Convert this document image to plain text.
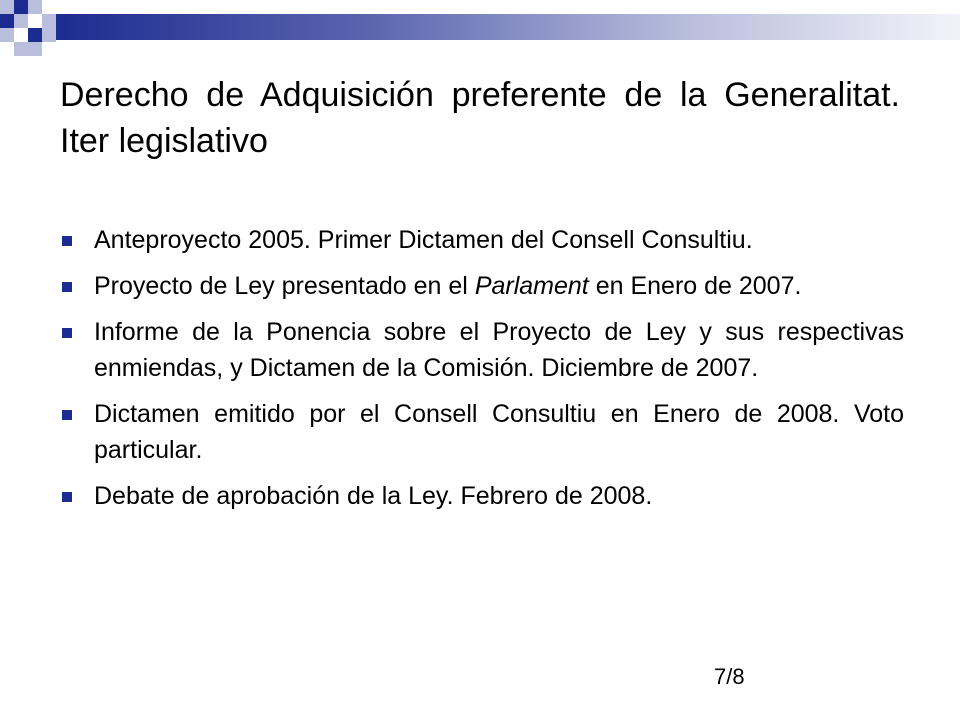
Derecho de Adquisición preferente de la Generalitat. Iter legislativo
Anteproyecto 2005. Primer Dictamen del Consell Consultiu.
Proyecto de Ley presentado en el Parlament en Enero de 2007.
Informe de la Ponencia sobre el Proyecto de Ley y sus respectivas enmiendas, y Dictamen de la Comisión. Diciembre de 2007.
Dictamen emitido por el Consell Consultiu en Enero de 2008. Voto particular.
Debate de aprobación de la Ley. Febrero de 2008.
7/8
